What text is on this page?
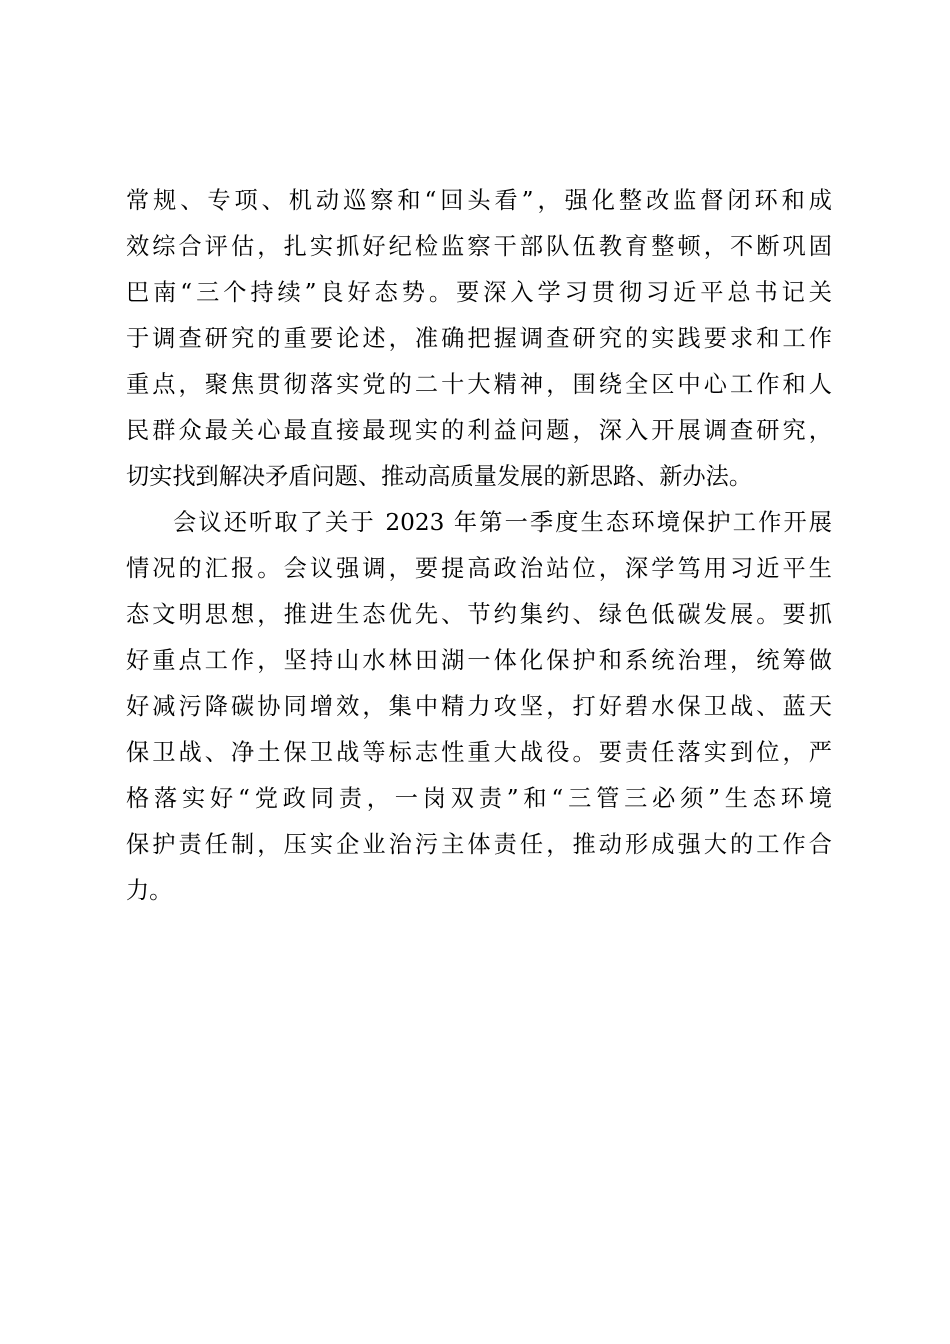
常规、专项、机动巡察和“回头看”，强化整改监督闭环和成
效综合评估，扎实抓好纪检监察干部队伍教育整顿，不断巩固
巴南“三个持续”良好态势。要深入学习贯彻习近平总书记关
于调查研究的重要论述，准确把握调查研究的实践要求和工作
重点，聚焦贯彻落实党的二十大精神，围绕全区中心工作和人
民群众最关心最直接最现实的利益问题，深入开展调查研究，
切实找到解决矛盾问题、推动高质量发展的新思路、新办法。
会议还听取了关于 2023 年第一季度生态环境保护工作开展
情况的汇报。会议强调，要提高政治站位，深学笃用习近平生
态文明思想，推进生态优先、节约集约、绿色低碳发展。要抓
好重点工作，坚持山水林田湖一体化保护和系统治理，统筹做
好减污降碳协同增效，集中精力攻坚，打好碧水保卫战、蓝天
保卫战、净土保卫战等标志性重大战役。要责任落实到位，严
格落实好“党政同责，一岗双责”和“三管三必须”生态环境
保护责任制，压实企业治污主体责任，推动形成强大的工作合
力。
